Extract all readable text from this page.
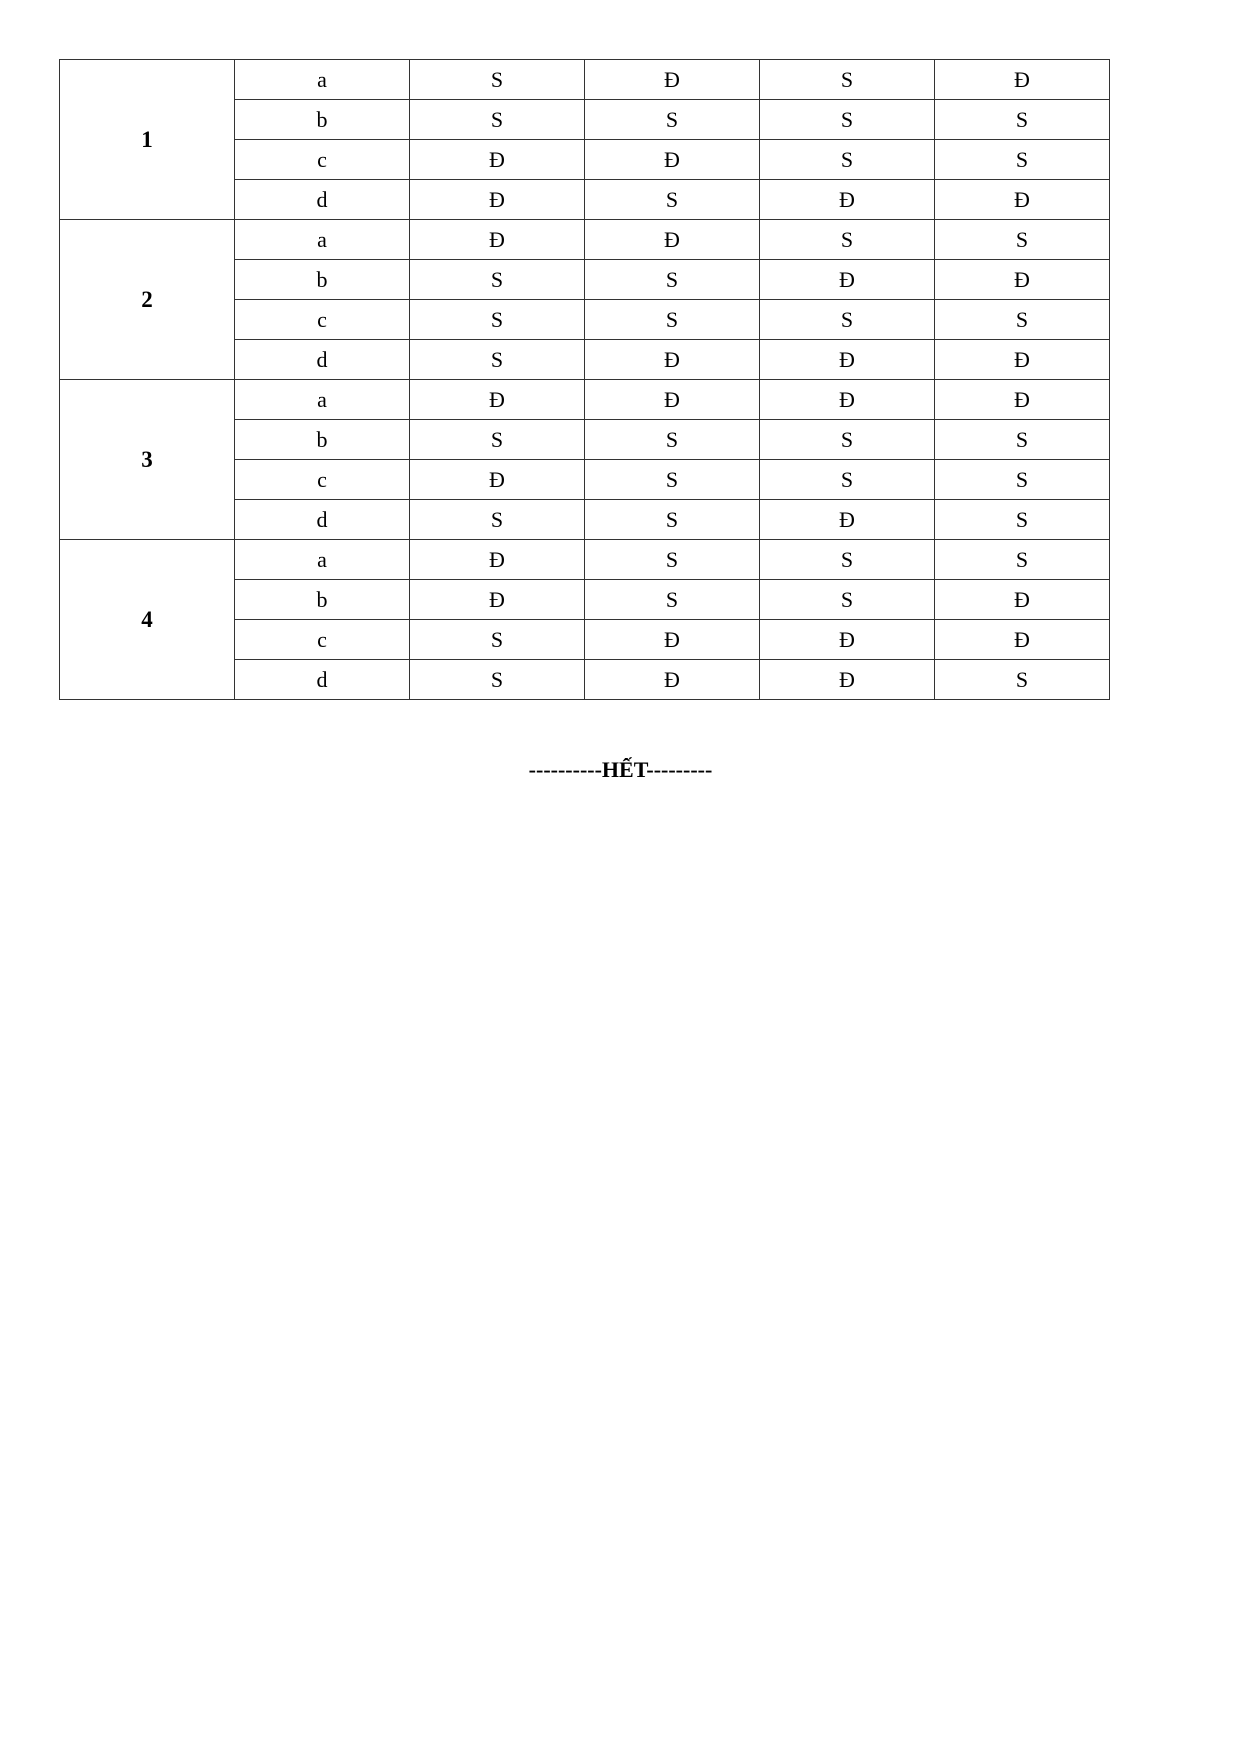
1	a	S	Đ	S	Đ
	b	S	S	S	S
	c	Đ	Đ	S	S
	d	Đ	S	Đ	Đ
2	a	Đ	Đ	S	S
	b	S	S	Đ	Đ
	c	S	S	S	S
	d	S	Đ	Đ	Đ
3	a	Đ	Đ	Đ	Đ
	b	S	S	S	S
	c	Đ	S	S	S
	d	S	S	Đ	S
4	a	Đ	S	S	S
	b	Đ	S	S	Đ
	c	S	Đ	Đ	Đ
	d	S	Đ	Đ	S
----------HẾT---------
